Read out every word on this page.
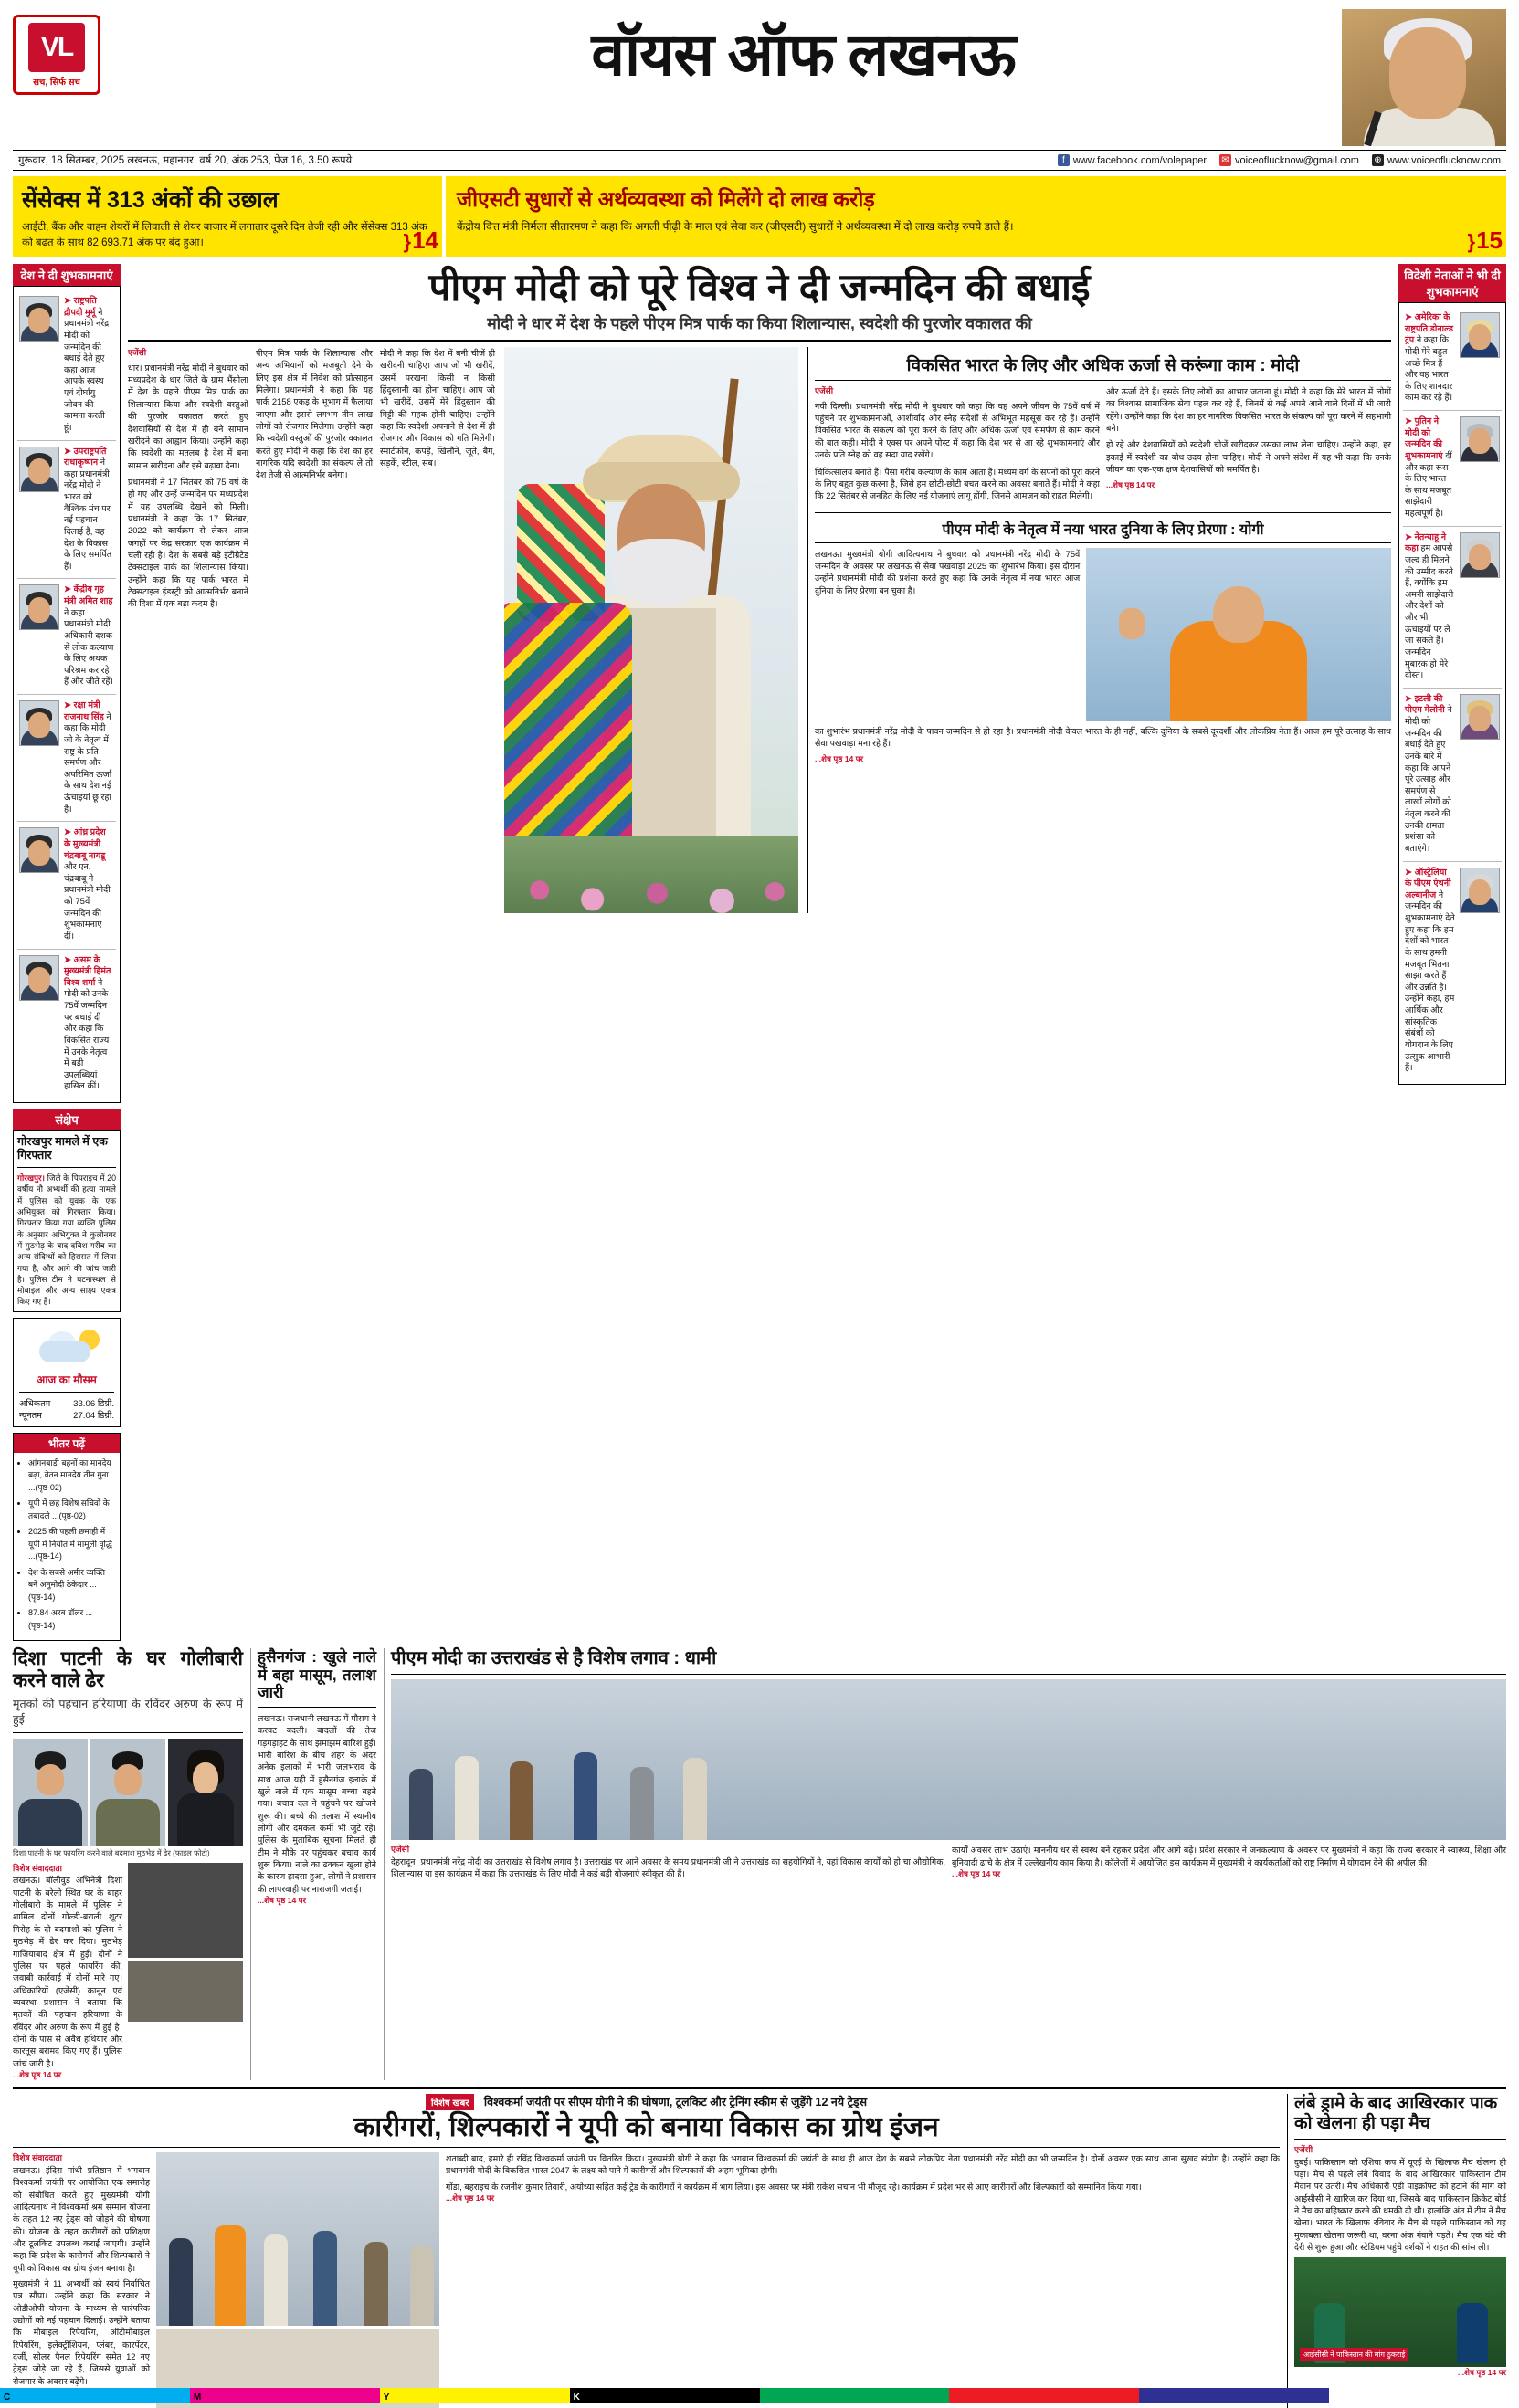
VL
सच, सिर्फ सच	वॉयस ऑफ लखनऊ
गुरूवार, 18 सितम्बर, 2025 लखनऊ, महानगर, वर्ष 20, अंक 253, पेज 16, 3.50 रूपये	f www.facebook.com/volepaper ✉ voiceoflucknow@gmail.com ⊕ www.voiceoflucknow.com
सेंसेक्स में 313 अंकों की उछाल

आईटी, बैंक और वाहन शेयरों में लिवाली से शेयर बाजार में लगातार दूसरे दिन तेजी रही और सेंसेक्स 313 अंक की बढ़त के साथ 82,693.71 अंक पर बंद हुआ।	} 14
जीएसटी सुधारों से अर्थव्यवस्था को मिलेंगे दो लाख करोड़

केंद्रीय वित्त मंत्री निर्मला सीतारमण ने कहा कि अगली पीढ़ी के माल एवं सेवा कर (जीएसटी) सुधारों ने अर्थव्यवस्था में दो लाख करोड़ रुपये डाले हैं।	} 15
देश ने दी शुभकामनाएं
➤ राष्ट्रपति द्रौपदी मुर्मू ने प्रधानमंत्री नरेंद्र मोदी को जन्मदिन की बधाई देते हुए कहा आज आपके स्वस्थ एवं दीर्घायु जीवन की कामना करती हूं।
➤ उपराष्ट्रपति राधाकृष्णन ने कहा प्रधानमंत्री नरेंद्र मोदी ने भारत को वैश्विक मंच पर नई पहचान दिलाई है, वह देश के विकास के लिए समर्पित हैं।
➤ केंद्रीय गृह मंत्री अमित शाह ने कहा प्रधानमंत्री मोदी अधिकारी दशक से लोक कल्याण के लिए अथक परिश्रम कर रहे हैं और जीते रहें।
➤ रक्षा मंत्री राजनाथ सिंह ने कहा कि मोदी जी के नेतृत्व में राष्ट्र के प्रति समर्पण और अपरिमित ऊर्जा के साथ देश नई ऊंचाइयां छू रहा है।
➤ आंध्र प्रदेश के मुख्यमंत्री चंद्रबाबू नायडू और एन. चंद्रबाबू ने प्रधानमंत्री मोदी को 75वें जन्मदिन की शुभकामनाएं दीं।
➤ असम के मुख्यमंत्री हिमंत विश्व शर्मा ने मोदी को उनके 75वें जन्मदिन पर बधाई दी और कहा कि विकसित राज्य में उनके नेतृत्व में बड़ी उपलब्धियां हासिल कीं।
संक्षेप
गोरखपुर मामले में एक गिरफ्तार
गोरखपुर। जिले के पिपराइच में 20 वर्षीय नौ अभ्यर्थी की हत्या मामले में पुलिस को युवक के एक अभियुक्त को गिरफ्तार किया। गिरफ्तार किया गया व्यक्ति पुलिस के अनुसार अभियुक्त ने कुलीनगर में मुठभेड़ के बाद दबिश गरीब का अन्य संदिग्धों को हिरासत में लिया गया है, और आगे की जांच जारी है। पुलिस टीम ने घटनास्थल से मोबाइल और अन्य साक्ष्य एकत्र किए गए हैं।
आज का मौसम
अधिकतम	33.06 डिग्री.
न्यूनतम	27.04 डिग्री.
भीतर पढ़ें
• आंगनबाड़ी बहनों का मानदेय बढ़ा, वेतन मानदेय तीन गुना ...(पृष्ठ-02)
• यूपी में छह विशेष सचिवों के तबादले ...(पृष्ठ-02)
• 2025 की पहली छमाही में यूपी में निर्यात में मामूली वृद्धि ...(पृष्ठ-14)
• देश के सबसे अमीर व्यक्ति बने अनुमोदी ठेकेदार ...(पृष्ठ-14)
• 87.84 अरब डॉलर ...(पृष्ठ-14)
पीएम मोदी को पूरे विश्व ने दी जन्मदिन की बधाई
मोदी ने धार में देश के पहले पीएम मित्र पार्क का किया शिलान्यास, स्वदेशी की पुरजोर वकालत की
एजेंसी

धार। प्रधानमंत्री नरेंद्र मोदी ने बुधवार को मध्यप्रदेश के धार जिले के ग्राम भैंसोला में देश के पहले पीएम मित्र पार्क का शिलान्यास किया और स्वदेशी वस्तुओं की पुरजोर वकालत करते हुए देशवासियों से देश में ही बने सामान खरीदने का आह्वान किया। उन्होंने कहा कि स्वदेशी का मतलब है देश में बना सामान खरीदना और इसे बढ़ावा देना।

प्रधानमंत्री ने 17 सितंबर को 75 वर्ष के हो गए और उन्हें जन्मदिन पर मध्यप्रदेश में यह उपलब्धि देखने को मिली। प्रधानमंत्री ने कहा कि 17 सितंबर, 2022 को कार्यक्रम से लेकर आज जगहों पर केंद्र सरकार एक कार्यक्रम में चली रही है। देश के सबसे बड़े इंटीग्रेटेड टेक्सटाइल पार्क का शिलान्यास किया। उन्होंने कहा कि यह पार्क भारत में टेक्सटाइल इंडस्ट्री को आत्मनिर्भर बनाने की दिशा में एक बड़ा कदम है।

पीएम मित्र पार्क के शिलान्यास और अन्य अभियानों को मजबूती देने के लिए इस क्षेत्र में निवेश को प्रोत्साहन मिलेगा। प्रधानमंत्री ने कहा कि यह पार्क 2158 एकड़ के भूभाग में फैलाया जाएगा और इससे लगभग तीन लाख लोगों को रोजगार मिलेगा। उन्होंने कहा कि स्वदेशी वस्तुओं की पुरजोर वकालत करते हुए मोदी ने कहा कि देश का हर नागरिक यदि स्वदेशी का संकल्प ले तो देश तेजी से आत्मनिर्भर बनेगा।

मोदी ने कहा कि देश में बनी चीजें ही खरीदनी चाहिए। आप जो भी खरीदें, उसमें परखना किसी न किसी हिंदुस्तानी का होना चाहिए। आप जो भी खरीदें, उसमें मेरे हिंदुस्तान की मिट्टी की महक होनी चाहिए। उन्होंने कहा कि स्वदेशी अपनाने से देश में ही रोजगार और विकास को गति मिलेगी। स्मार्टफोन, कपड़े, खिलौने, जूते, बैग, सड़कें, स्टील, सब।

विकसित भारत के लिए और अधिक ऊर्जा से करूंगा काम : मोदी
एजेंसी

नयी दिल्ली। प्रधानमंत्री नरेंद्र मोदी ने बुधवार को कहा कि वह अपने जीवन के 75वें वर्ष में पहुंचने पर शुभकामनाओं, आशीर्वाद और स्नेह संदेशों से अभिभूत महसूस कर रहे हैं। उन्होंने विकसित भारत के संकल्प को पूरा करने के लिए और अधिक ऊर्जा एवं समर्पण से काम करने की बात कही। मोदी ने एक्स पर अपने पोस्ट में कहा कि देश भर से आ रहे शुभकामनाएं और उनके प्रति स्नेह को वह सदा याद रखेंगे।

चिकित्सालय बनाते हैं। पैसा गरीब कल्याण के काम आता है। मध्यम वर्ग के सपनों को पूरा करने के लिए बहुत कुछ करना है, जिसे हम छोटी-छोटी बचत करने का अवसर बनाते हैं। मोदी ने कहा कि 22 सितंबर से जनहित के लिए नई योजनाएं लागू होंगी, जिनसे आमजन को राहत मिलेगी।

और ऊर्जा देते हैं। इसके लिए लोगों का आभार जताना हूं। मोदी ने कहा कि मेरे भारत में लोगों का विश्वास सामाजिक सेवा पहल कर रहे हैं, जिनमें से कई अपने आने वाले दिनों में भी जारी रहेंगे। उन्होंने कहा कि देश का हर नागरिक विकसित भारत के संकल्प को पूरा करने में सहभागी बने।

हो रहे और देशवासियों को स्वदेशी चीजें खरीदकर उसका लाभ लेना चाहिए। उन्होंने कहा, हर इकाई में स्वदेशी का बोध उदय होना चाहिए। मोदी ने अपने संदेश में यह भी कहा कि उनके जीवन का एक-एक क्षण देशवासियों को समर्पित है।

...शेष पृष्ठ 14 पर
पीएम मोदी के नेतृत्व में नया भारत दुनिया के लिए प्रेरणा : योगी

लखनऊ। मुख्यमंत्री योगी आदित्यनाथ ने बुधवार को प्रधानमंत्री नरेंद्र मोदी के 75वें जन्मदिन के अवसर पर लखनऊ से सेवा पखवाड़ा 2025 का शुभारंभ किया। इस दौरान उन्होंने प्रधानमंत्री मोदी की प्रशंसा करते हुए कहा कि उनके नेतृत्व में नया भारत आज दुनिया के लिए प्रेरणा बन चुका है।

का शुभारंभ प्रधानमंत्री नरेंद्र मोदी के पावन जन्मदिन से हो रहा है। प्रधानमंत्री मोदी केवल भारत के ही नहीं, बल्कि दुनिया के सबसे दूरदर्शी और लोकप्रिय नेता हैं। आज हम पूरे उत्साह के साथ सेवा पखवाड़ा मना रहे हैं।

...शेष पृष्ठ 14 पर
विदेशी नेताओं ने भी दी शुभकामनाएं
➤ अमेरिका के राष्ट्रपति डोनाल्ड ट्रंप ने कहा कि मोदी मेरे बहुत अच्छे मित्र हैं और वह भारत के लिए शानदार काम कर रहे हैं।
➤ पुतिन ने मोदी को जन्मदिन की शुभकामनाएं दीं और कहा रूस के लिए भारत के साथ मजबूत साझेदारी महत्वपूर्ण है।
➤ नेतन्याहू ने कहा हम आपसे जल्द ही मिलने की उम्मीद करते हैं, क्योंकि हम अमनी साझेदारी और देशों को और भी ऊंचाइयों पर ले जा सकते हैं। जन्मदिन मुबारक हो मेरे दोस्त।
➤ इटली की पीएम मेलोनी ने मोदी को जन्मदिन की बधाई देते हुए उनके बारे में कहा कि आपने पूरे उत्साह और समर्पण से लाखों लोगों को नेतृत्व करने की उनकी क्षमता प्रशंसा को बताएंगे।
➤ ऑस्ट्रेलिया के पीएम एंथनी अल्बानीज ने जन्मदिन की शुभकामनाएं देते हुए कहा कि हम देशों को भारत के साथ हमनी मजबूत भितना साझा करते हैं और उन्नति है। उन्होंने कहा, हम आर्थिक और सांस्कृतिक संबंधों को योगदान के लिए उत्सुक आभारी हैं।
दिशा पाटनी के घर गोलीबारी करने वाले ढेर
मृतकों की पहचान हरियाणा के रविंदर अरुण के रूप में हुई
दिशा पाटनी के घर फायरिंग करने वाले बदमाश मुठभेड़ में ढेर (फाइल फोटो)
विशेष संवाददाता
लखनऊ। बॉलीवुड अभिनेत्री दिशा पाटनी के बरेली स्थित घर के बाहर गोलीबारी के मामले में पुलिस ने शामिल दोनों गोल्डी-बराली शूटर गिरोह के दो बदमाशों को पुलिस ने मुठभेड़ में ढेर कर दिया। मुठभेड़ गाजियाबाद क्षेत्र में हुई। दोनों ने पुलिस पर पहले फायरिंग की, जवाबी कार्रवाई में दोनों मारे गए। अधिकारियों (एजेंसी) कानून एवं व्यवस्था प्रशासन ने बताया कि मृतकों की पहचान हरियाणा के रविंदर और अरुण के रूप में हुई है। दोनों के पास से अवैध हथियार और कारतूस बरामद किए गए हैं। पुलिस जांच जारी है।
...शेष पृष्ठ 14 पर
हुसैनगंज : खुले नाले में बहा मासूम, तलाश जारी
लखनऊ। राजधानी लखनऊ में मौसम ने करवट बदली। बादलों की तेज गड़गड़ाहट के साथ झमाझम बारिश हुई। भारी बारिश के बीच शहर के अंदर अनेक इलाकों में भारी जलभराव के साथ आज यही में हुसैनगंज इलाके में खुले नाले में एक मासूम बच्चा बहने गया। बचाव दल ने पहुंचने पर खोजने शुरू की। बच्चे की तलाश में स्थानीय लोगों और दमकल कर्मी भी जुटे रहे। पुलिस के मुताबिक सूचना मिलते ही टीम ने मौके पर पहुंचकर बचाव कार्य शुरू किया। नाले का ढक्कन खुला होने के कारण हादसा हुआ, लोगों ने प्रशासन की लापरवाही पर नाराजगी जताई।
...शेष पृष्ठ 14 पर
पीएम मोदी का उत्तराखंड से है विशेष लगाव : धामी
एजेंसी
देहरादून। प्रधानमंत्री नरेंद्र मोदी का उत्तराखंड से विशेष लगाव है। उत्तराखंड पर आने अवसर के समय प्रधानमंत्री जी ने उत्तराखंड का सहयोगियों ने, यहां विकास कार्यों को हो चा औद्योगिक, शिलान्यास या इस कार्यक्रम में कहा कि उत्तराखंड के लिए मोदी ने कई बड़ी योजनाएं स्वीकृत की हैं।
कार्यों अवसर लाभ उठाएं। माननीय धर से स्वस्थ बने रहकर प्रदेश और आगे बढ़े। प्रदेश सरकार ने जनकल्याण के अवसर पर मुख्यमंत्री ने कहा कि राज्य सरकार ने स्वास्थ्य, शिक्षा और बुनियादी ढांचे के क्षेत्र में उल्लेखनीय काम किया है। कॉलेजों में आयोजित इस कार्यक्रम में मुख्यमंत्री ने कार्यकर्ताओं को राष्ट्र निर्माण में योगदान देने की अपील की।
...शेष पृष्ठ 14 पर
विशेष खबर विश्वकर्मा जयंती पर सीएम योगी ने की घोषणा, टूलकिट और ट्रेनिंग स्कीम से जुड़ेंगे 12 नये ट्रेड्स
कारीगरों, शिल्पकारों ने यूपी को बनाया विकास का ग्रोथ इंजन
विशेष संवाददाता
लखनऊ। इंदिरा गांधी प्रतिष्ठान में भगवान विश्वकर्मा जयंती पर आयोजित एक समारोह को संबोधित करते हुए मुख्यमंत्री योगी आदित्यनाथ ने विश्वकर्मा श्रम सम्मान योजना के तहत 12 नए ट्रेड्स को जोड़ने की घोषणा की। योजना के तहत कारीगरों को प्रशिक्षण और टूलकिट उपलब्ध कराई जाएगी। उन्होंने कहा कि प्रदेश के कारीगरों और शिल्पकारों ने यूपी को विकास का ग्रोथ इंजन बनाया है।
मुख्यमंत्री ने 11 अभ्यर्थी को स्वयं निर्वाचित पत्र सौंपा। उन्होंने कहा कि सरकार ने ओडीओपी योजना के माध्यम से पारंपरिक उद्योगों को नई पहचान दिलाई। उन्होंने बताया कि मोबाइल रिपेयरिंग, ऑटोमोबाइल रिपेयरिंग, इलेक्ट्रीशियन, प्लंबर, कारपेंटर, दर्जी, सोलर पैनल रिपेयरिंग समेत 12 नए ट्रेड्स जोड़े जा रहे हैं, जिससे युवाओं को रोजगार के अवसर बढ़ेंगे।
शताब्दी बाद, हमारे ही रविंद्र विश्वकर्मा जयंती पर वितरित किया। मुख्यमंत्री योगी ने कहा कि भगवान विश्वकर्मा की जयंती के साथ ही आज देश के सबसे लोकप्रिय नेता प्रधानमंत्री नरेंद्र मोदी का भी जन्मदिन है। दोनों अवसर एक साथ आना सुखद संयोग है। उन्होंने कहा कि प्रधानमंत्री मोदी के विकसित भारत 2047 के लक्ष्य को पाने में कारीगरों और शिल्पकारों की अहम भूमिका होगी।
गोंडा, बहराइच के रजनीश कुमार तिवारी, अयोध्या सहित कई ट्रेड के कारीगरों ने कार्यक्रम में भाग लिया। इस अवसर पर मंत्री राकेश सचान भी मौजूद रहे। कार्यक्रम में प्रदेश भर से आए कारीगरों और शिल्पकारों को सम्मानित किया गया।
...शेष पृष्ठ 14 पर
लंबे ड्रामे के बाद आखिरकार पाक को खेलना ही पड़ा मैच
एजेंसी
दुबई। पाकिस्तान को एशिया कप में यूएई के खिलाफ मैच खेलना ही पड़ा। मैच से पहले लंबे विवाद के बाद आखिरकार पाकिस्तान टीम मैदान पर उतरी। मैच अधिकारी एंडी पाइक्रॉफ्ट को हटाने की मांग को आईसीसी ने खारिज कर दिया था, जिसके बाद पाकिस्तान क्रिकेट बोर्ड ने मैच का बहिष्कार करने की धमकी दी थी। हालांकि अंत में टीम ने मैच खेला। भारत के खिलाफ रविवार के मैच से पहले पाकिस्तान को यह मुकाबला खेलना जरूरी था, वरना अंक गंवाने पड़ते। मैच एक घंटे की देरी से शुरू हुआ और स्टेडियम पहुंचे दर्शकों ने राहत की सांस ली।
आईसीसी ने पाकिस्तान की मांग ठुकराई
...शेष पृष्ठ 14 पर
C	M	Y	K
